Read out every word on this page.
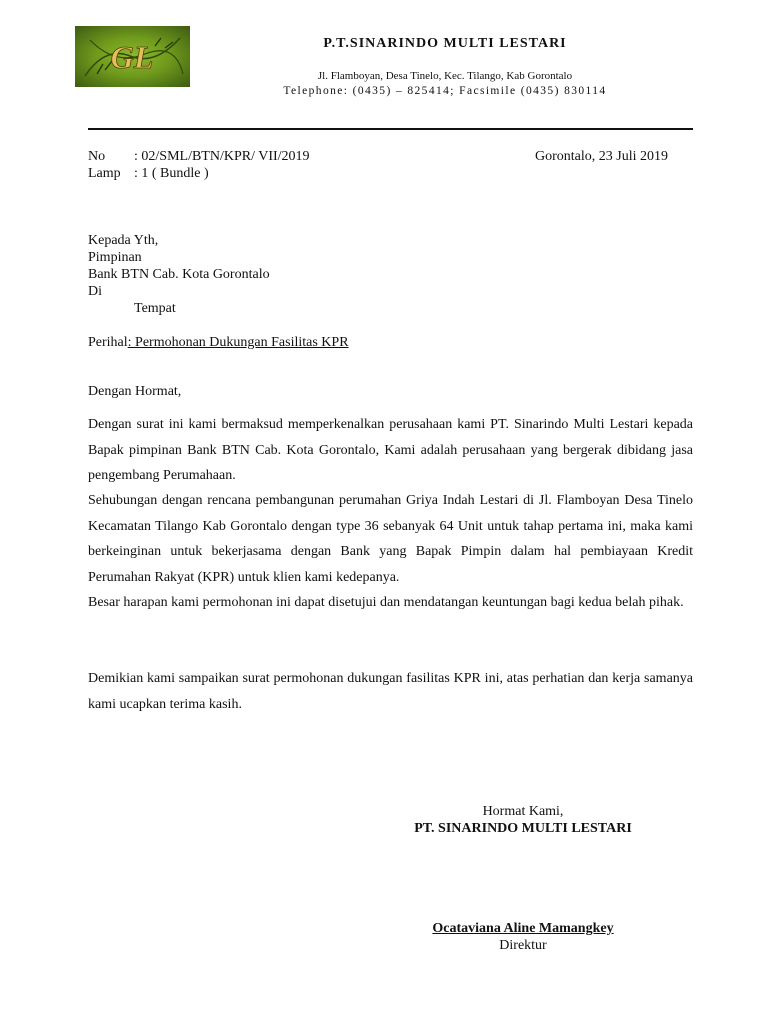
GL	P.T.SINARINDO MULTI LESTARI
Jl. Flamboyan, Desa Tinelo, Kec. Tilango, Kab Gorontalo
Telephone: (0435) – 825414; Facsimile (0435) 830114
No : 02/SML/BTN/KPR/ VII/2019
Lamp : 1 ( Bundle )
Gorontalo, 23 Juli 2019
Kepada Yth,
Pimpinan
Bank BTN Cab. Kota Gorontalo
Di
Tempat
Perihal: Permohonan Dukungan Fasilitas KPR
Dengan Hormat,
Dengan surat ini kami bermaksud memperkenalkan perusahaan kami PT. Sinarindo Multi Lestari kepada Bapak pimpinan Bank BTN Cab. Kota Gorontalo, Kami adalah perusahaan yang bergerak dibidang jasa pengembang Perumahaan.
Sehubungan dengan rencana pembangunan perumahan Griya Indah Lestari di Jl. Flamboyan Desa Tinelo Kecamatan Tilango Kab Gorontalo dengan type 36 sebanyak 64 Unit untuk tahap pertama ini, maka kami berkeinginan untuk bekerjasama dengan Bank yang Bapak Pimpin dalam hal pembiayaan Kredit Perumahan Rakyat (KPR) untuk klien kami kedepanya.
Besar harapan kami permohonan ini dapat disetujui dan mendatangan keuntungan bagi kedua belah pihak.
Demikian kami sampaikan surat permohonan dukungan fasilitas KPR ini, atas perhatian dan kerja samanya kami ucapkan terima kasih.
Hormat Kami,
PT. SINARINDO MULTI LESTARI
Ocataviana Aline Mamangkey
Direktur
